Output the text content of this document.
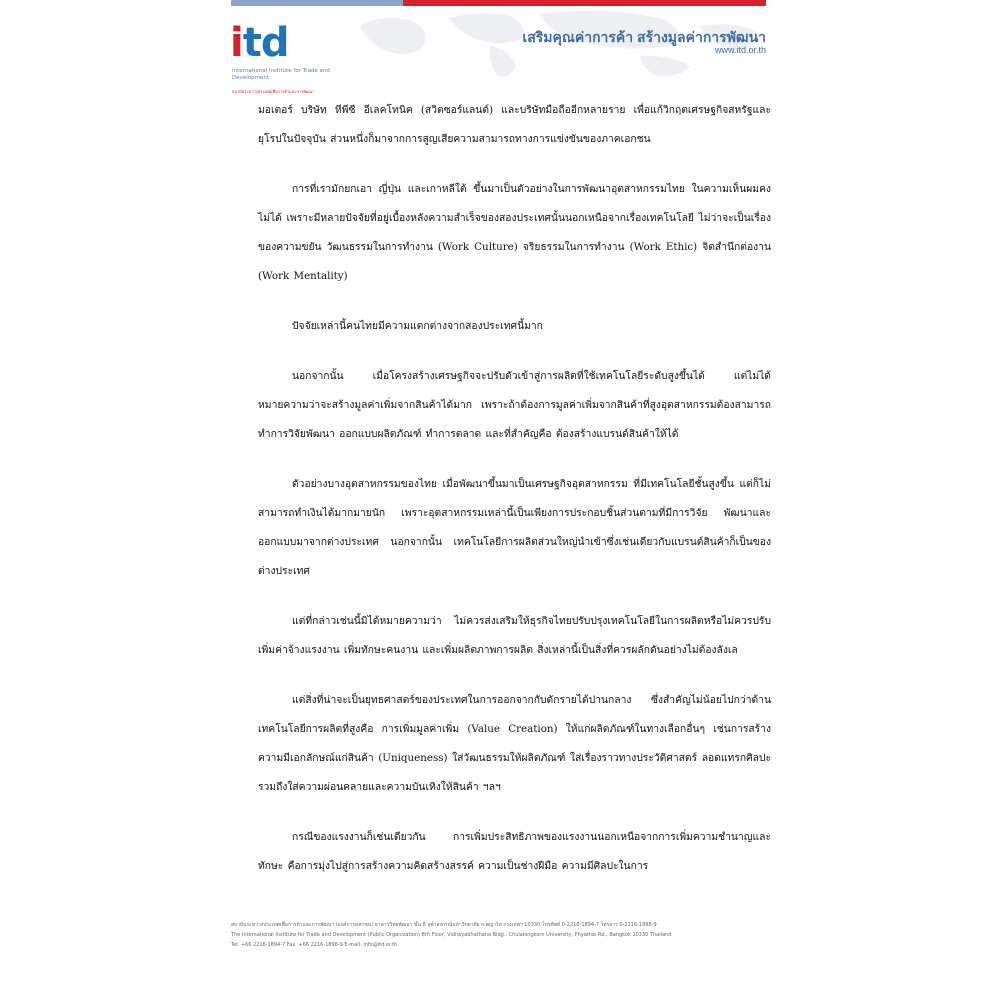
itd
International Institute for Trade and Development
สถาบันระหว่างประเทศเพื่อการค้าและการพัฒนา
เสริมคุณค่าการค้า สร้างมูลค่าการพัฒนา
www.itd.or.th

มอเตอร์ บริษัท หีพีซี อีเลคโทนิค (สวิตซอร์แลนด์) และบริษัทมือถืออีกหลายราย เพื่อแก้วิกฤตเศรษฐกิจสหรัฐและยุโรปในปัจจุบัน ส่วนหนึ่งก็มาจากการสูญเสียความสามารถทางการแข่งขันของภาคเอกชน

การที่เรามักยกเอา ญี่ปุ่น และเกาหลีใต้ ขึ้นมาเป็นตัวอย่างในการพัฒนาอุตสาหกรรมไทย ในความเห็นผมคงไม่ได้ เพราะมีหลายปัจจัยที่อยู่เบื้องหลังความสำเร็จของสองประเทศนั้นนอกเหนือจากเรื่องเทคโนโลยี ไม่ว่าจะเป็นเรื่องของความขยัน วัฒนธรรมในการทำงาน (Work Culture) จริยธรรมในการทำงาน (Work Ethic) จิตสำนึกต่องาน (Work Mentality)

ปัจจัยเหล่านี้คนไทยมีความแตกต่างจากสองประเทศนี้มาก

นอกจากนั้น เมื่อโครงสร้างเศรษฐกิจจะปรับตัวเข้าสู่การผลิตที่ใช้เทคโนโลยีระดับสูงขึ้นได้ แต่ไม่ได้หมายความว่าจะสร้างมูลค่าเพิ่มจากสินค้าได้มาก เพราะถ้าต้องการมูลค่าเพิ่มจากสินค้าที่สูงอุตสาหกรรมต้องสามารถทำการวิจัยพัฒนา ออกแบบผลิตภัณฑ์ ทำการตลาด และที่สำคัญคือ ต้องสร้างแบรนด์สินค้าให้ได้

ตัวอย่างบางอุตสาหกรรมของไทย เมื่อพัฒนาขึ้นมาเป็นเศรษฐกิจอุตสาหกรรม ที่มีเทคโนโลยีชั้นสูงขึ้น แต่ก็ไม่สามารถทำเงินได้มากมายนัก เพราะอุตสาหกรรมเหล่านี้เป็นเพียงการประกอบชิ้นส่วนตามที่มีการวิจัย พัฒนาและออกแบบมาจากต่างประเทศ นอกจากนั้น เทคโนโลยีการผลิตส่วนใหญ่นำเข้าซึ่งเช่นเดียวกับแบรนด์สินค้าก็เป็นของต่างประเทศ

แต่ที่กล่าวเช่นนี้มิได้หมายความว่า ไม่ควรส่งเสริมให้ธุรกิจไทยปรับปรุงเทคโนโลยีในการผลิตหรือไม่ควรปรับเพิ่มค่าจ้างแรงงาน เพิ่มทักษะคนงาน และเพิ่มผลิตภาพการผลิต สิ่งเหล่านี้เป็นสิ่งที่ควรผลักดันอย่างไม่ต้องลังเล

แต่สิ่งที่น่าจะเป็นยุทธศาสตร์ของประเทศในการออกจากกับดักรายได้ปานกลาง ซึ่งสำคัญไม่น้อยไปกว่าด้านเทคโนโลยีการผลิตที่สูงคือ การเพิ่มมูลค่าเพิ่ม (Value Creation) ให้แก่ผลิตภัณฑ์ในทางเลือกอื่นๆ เช่นการสร้างความมีเอกลักษณ์แก่สินค้า (Uniqueness) ใส่วัฒนธรรมให้ผลิตภัณฑ์ ใส่เรื่องราวทางประวัติศาสตร์ ลอดแทรกศิลปะ รวมถึงใส่ความผ่อนคลายและความบันเทิงให้สินค้า ฯลฯ

กรณีของแรงงานก็เช่นเดียวกัน การเพิ่มประสิทธิภาพของแรงงานนอกเหนือจากการเพิ่มความชำนาญและทักษะ คือการมุ่งไปสู่การสร้างความคิดสร้างสรรค์ ความเป็นช่างฝีมือ ความมีศิลปะในการ

สถาบันระหว่างประเทศเพื่อการค้าและการพัฒนา (องค์การมหาชน) อาคารวิทยพัฒนา ชั้น 8 จุฬาลงกรณ์มหาวิทยาลัย ถ.พญาไท กรุงเทพฯ 10330 โทรศัพท์ 0-2216-1894-7 โทรสาร 0-2216-1898-9
The International Institute for Trade and Development (Public Organization) 8th Floor, Vidhayabhathana Bldg., Chulalongkorn University, Phyathai Rd., Bangkok 10330 Thailand
Tel. +66 2216-1894-7 Fax. +66 2216-1898-9 E-mail: info@itd.or.th
